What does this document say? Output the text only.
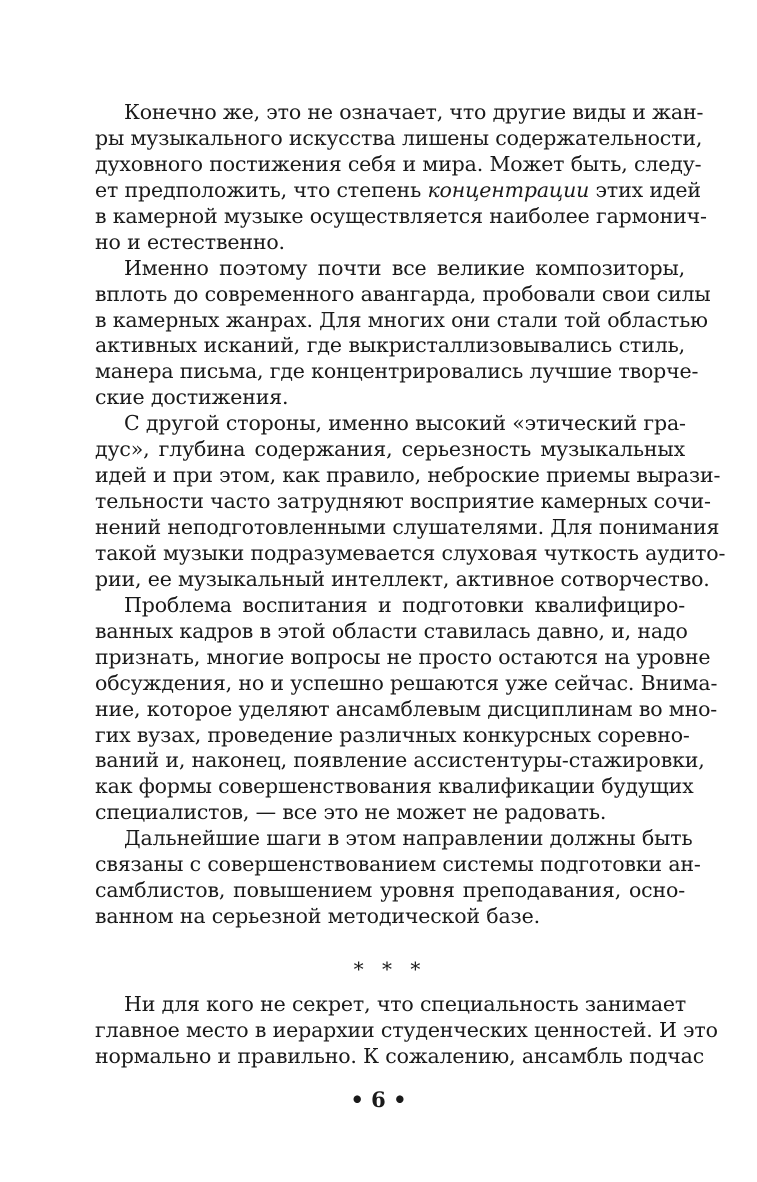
Конечно же, это не означает, что другие виды и жан-
ры музыкального искусства лишены содержательности,
духовного постижения себя и мира. Может быть, следу-
ет предположить, что степень концентрации этих идей
в камерной музыке осуществляется наиболее гармонич-
но и естественно.
Именно поэтому почти все великие композиторы,
вплоть до современного авангарда, пробовали свои силы
в камерных жанрах. Для многих они стали той областью
активных исканий, где выкристаллизовывались стиль,
манера письма, где концентрировались лучшие творче-
ские достижения.
С другой стороны, именно высокий «этический гра-
дус», глубина содержания, серьезность музыкальных
идей и при этом, как правило, неброские приемы вырази-
тельности часто затрудняют восприятие камерных сочи-
нений неподготовленными слушателями. Для понимания
такой музыки подразумевается слуховая чуткость аудито-
рии, ее музыкальный интеллект, активное сотворчество.
Проблема воспитания и подготовки квалифициро-
ванных кадров в этой области ставилась давно, и, надо
признать, многие вопросы не просто остаются на уровне
обсуждения, но и успешно решаются уже сейчас. Внима-
ние, которое уделяют ансамблевым дисциплинам во мно-
гих вузах, проведение различных конкурсных соревно-
ваний и, наконец, появление ассистентуры-стажировки,
как формы совершенствования квалификации будущих
специалистов, — все это не может не радовать.
Дальнейшие шаги в этом направлении должны быть
связаны с совершенствованием системы подготовки ан-
самблистов, повышением уровня преподавания, осно-
ванном на серьезной методической базе.
* * *
Ни для кого не секрет, что специальность занимает
главное место в иерархии студенческих ценностей. И это
нормально и правильно. К сожалению, ансамбль подчас
• 6 •
